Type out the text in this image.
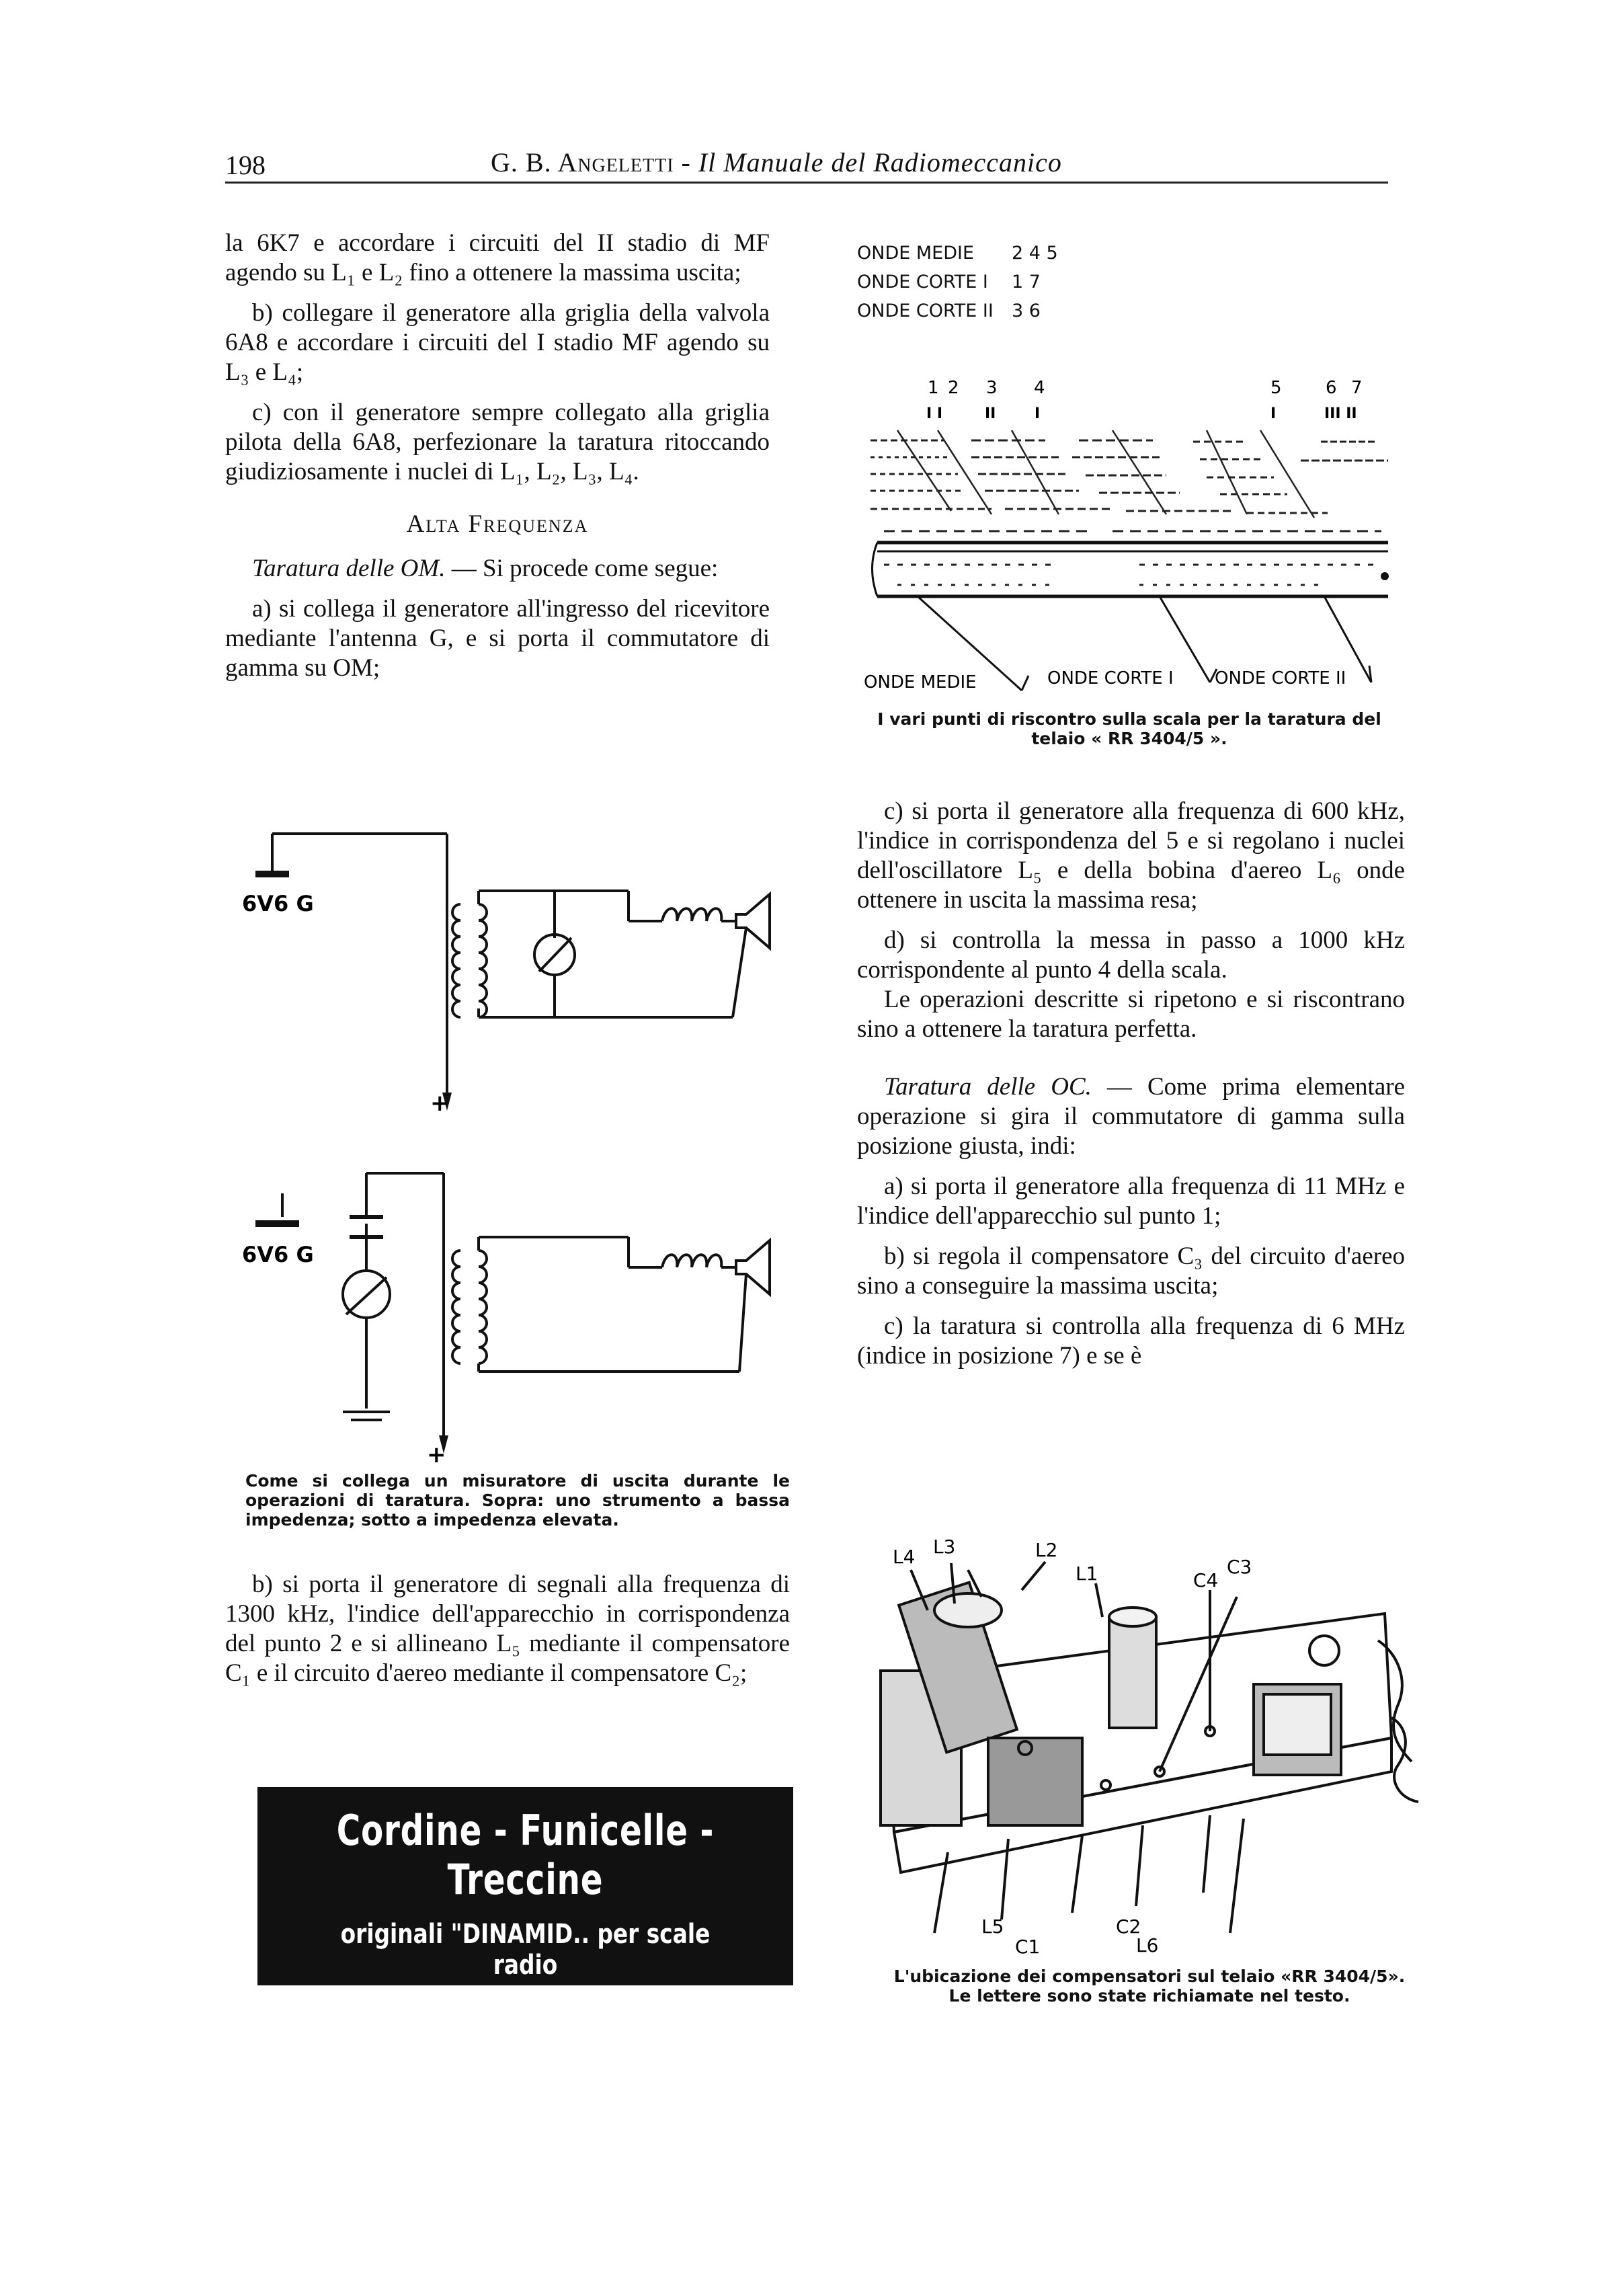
198	G. B. Angeletti - Il Manuale del Radiomeccanico

la 6K7 e accordare i circuiti del II stadio di MF agendo su L₁ e L₂ fino a ottenere la massima uscita;

b) collegare il generatore alla griglia della valvola 6A8 e accordare i circuiti del I stadio MF agendo su L₃ e L₄;

c) con il generatore sempre collegato alla griglia pilota della 6A8, perfezionare la taratura ritoccando giudiziosamente i nuclei di L₁, L₂, L₃, L₄.

Alta Frequenza

Taratura delle OM. — Si procede come segue:

a) si collega il generatore all'ingresso del ricevitore mediante l'antenna G, e si porta il commutatore di gamma su OM;

ONDE MEDIE 2 4 5
ONDE CORTE I 1 7
ONDE CORTE II 3 6
1 2 3 4	5	6 7
I I	II	I	I	III II
ONDE MEDIE	ONDE CORTE I ONDE CORTE II
I vari punti di riscontro sulla scala per la taratura del telaio « RR 3404/5 ».

c) si porta il generatore alla frequenza di 600 kHz, l'indice in corrispondenza del 5 e si regolano i nuclei dell'oscillatore L₅ e della bobina d'aereo L₆ onde ottenere in uscita la massima resa;

d) si controlla la messa in passo a 1000 kHz corrispondente al punto 4 della scala.

Le operazioni descritte si ripetono e si riscontrano sino a ottenere la taratura perfetta.

Taratura delle OC. — Come prima elementare operazione si gira il commutatore di gamma sulla posizione giusta, indi:

a) si porta il generatore alla frequenza di 11 MHz e l'indice dell'apparecchio sul punto 1;

b) si regola il compensatore C₃ del circuito d'aereo sino a conseguire la massima uscita;

c) la taratura si controlla alla frequenza di 6 MHz (indice in posizione 7) e se è

6V6 G
+
6V6 G
+
Come si collega un misuratore di uscita durante le operazioni di taratura. Sopra: uno strumento a bassa impedenza; sotto a impedenza elevata.

b) si porta il generatore di segnali alla frequenza di 1300 kHz, l'indice dell'apparecchio in corrispondenza del punto 2 e si allineano L₅ mediante il compensatore C₁ e il circuito d'aereo mediante il compensatore C₂;

Cordine - Funicelle - Treccine
originali "DINAMID.. per scale radio
MARIO BISI - Casella postale 839 - MILANO
L4 L3	L2
L1	C4
C3
L5
C1
C2
L6
L'ubicazione dei compensatori sul telaio «RR 3404/5».
Le lettere sono state richiamate nel testo.
